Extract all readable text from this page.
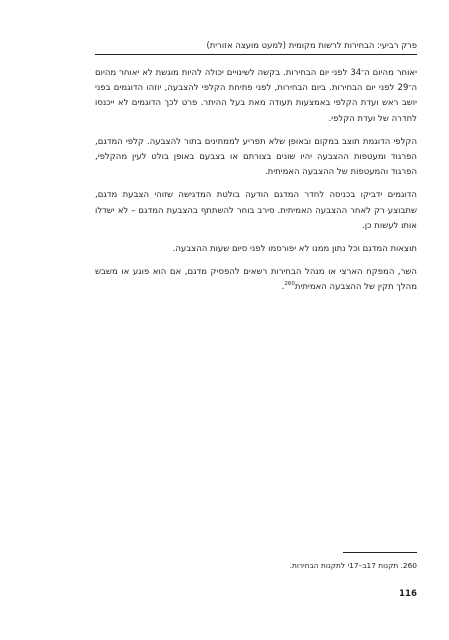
פרק רביעי: הבחירות לרשות מקומית (למעט מועצה אזורית)

יאוחר מהיום ה־34 לפני יום הבחירות. בקשה לשינויים יכולה להיות מוגשת לא יאוחר מהיום ה־29 לפני יום הבחירות. ביום הבחירות, לפני פתיחת הקלפי להצבעה, יוזהו הדוגמים בפני יושב ראש ועדת הקלפי באמצעות תעודה מאת בעל ההיתר. פרט לכך הדוגמים לא ייכנסו לחדרה של ועדת הקלפי.

הקלפי הדוגמת תוצב במקום ובאופן שלא תפריע לממתינים בתור להצבעה. קלפי המדגם, הפרגוד ומעטפות ההצבעה יהיו שונים בצורתם או בצבעם באופן בולט לעין מהקלפי, הפרגוד והמעטפות של ההצבעה האמיתית.

הדוגמים ידביקו בכניסה לחדר המדגם הודעה בולטת המדגישה שזוהי הצבעת מדגם, שתבוצע רק לאחר ההצבעה האמיתית. סירב בוחר להשתתף בהצבעת המדגם – לא ישדלו אותו לעשות כן.

תוצאות המדגם וכל נתון ממנו לא יפורסמו לפני סיום שעות ההצבעה.

השר, המפקח הארצי או מנהל הבחירות רשאים להפסיק מדגם, אם הוא פוגע או משבש מהלך תקין של ההצבעה האמיתית$^{260}$.

260. תקנות 17ב–17י לתקנות הבחירות.
116
